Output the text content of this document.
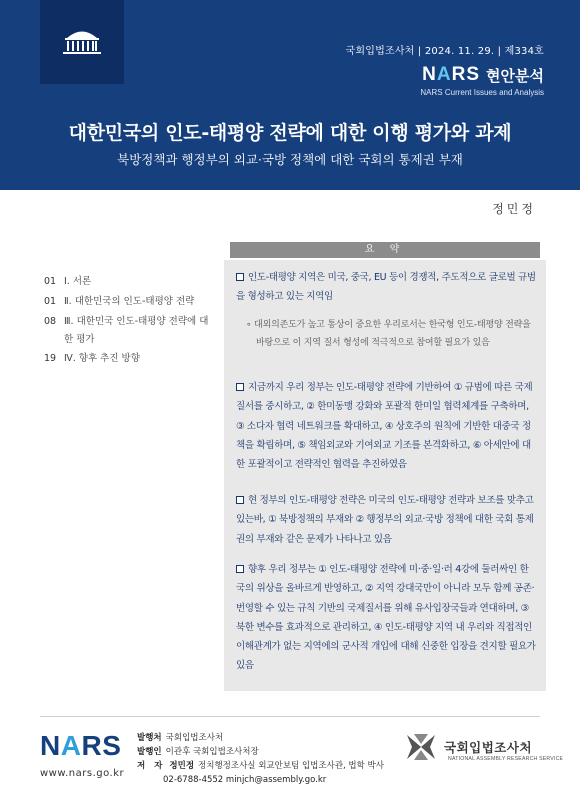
국회입법조사처 | 2024. 11. 29. | 제334호
NARS 현안분석
NARS Current Issues and Analysis
대한민국의 인도-태평양 전략에 대한 이행 평가와 과제
북방정책과 행정부의 외교·국방 정책에 대한 국회의 통제권 부재
정민정
01 Ⅰ. 서론
01 Ⅱ. 대한민국의 인도-태평양 전략
08 Ⅲ. 대한민국 인도-태평양 전략에 대한 평가
19 Ⅳ. 향후 추진 방향
요 약
인도-태평양 지역은 미국, 중국, EU 등이 경쟁적, 주도적으로 글로벌 규범을 형성하고 있는 지역임
∘ 대외의존도가 높고 통상이 중요한 우리로서는 한국형 인도-태평양 전략을 바탕으로 이 지역 질서 형성에 적극적으로 참여할 필요가 있음
지금까지 우리 정부는 인도-태평양 전략에 기반하여 ① 규범에 따른 국제질서를 중시하고, ② 한미동맹 강화와 포괄적 한미일 협력체계를 구축하며, ③ 소다자 협력 네트워크를 확대하고, ④ 상호주의 원칙에 기반한 대중국 정책을 확립하며, ⑤ 책임외교와 기여외교 기조를 본격화하고, ⑥ 아세안에 대한 포괄적이고 전략적인 협력을 추진하였음
현 정부의 인도-태평양 전략은 미국의 인도-태평양 전략과 보조를 맞추고 있는바, ① 북방정책의 부재와 ② 행정부의 외교·국방 정책에 대한 국회 통제권의 부재와 같은 문제가 나타나고 있음
향후 우리 정부는 ① 인도-태평양 전략에 미·중·일·러 4강에 둘러싸인 한국의 위상을 올바르게 반영하고, ② 지역 강대국만이 아니라 모두 함께 공존·번영할 수 있는 규칙 기반의 국제질서를 위해 유사입장국들과 연대하며, ③ 북한 변수를 효과적으로 관리하고, ④ 인도-태평양 지역 내 우리와 직접적인 이해관계가 없는 지역에의 군사적 개입에 대해 신중한 입장을 견지할 필요가 있음
NARS
www.nars.go.kr
발행처 국회입법조사처
발행인 이관후 국회입법조사처장
저 자 정민정 정치행정조사실 외교안보팀 입법조사관, 법학 박사
02-6788-4552 minjch@assembly.go.kr
국회입법조사처
NATIONAL ASSEMBLY RESEARCH SERVICE
